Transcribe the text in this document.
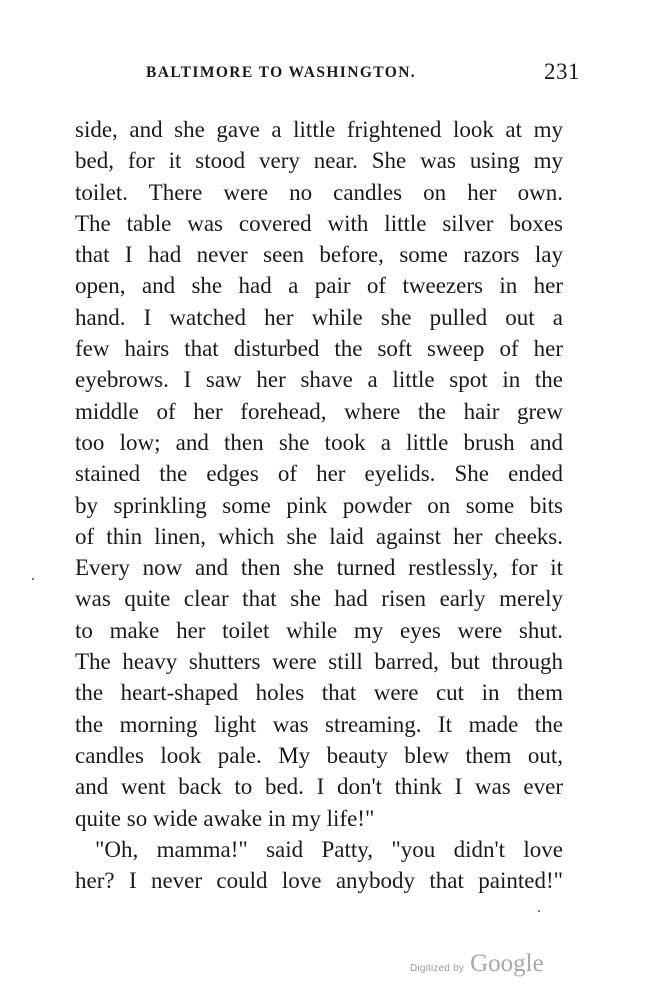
BALTIMORE TO WASHINGTON.	231
side, and she gave a little frightened look at my
bed, for it stood very near. She was using my
toilet. There were no candles on her own.
The table was covered with little silver boxes
that I had never seen before, some razors lay
open, and she had a pair of tweezers in her
hand. I watched her while she pulled out a
few hairs that disturbed the soft sweep of her
eyebrows. I saw her shave a little spot in the
middle of her forehead, where the hair grew
too low; and then she took a little brush and
stained the edges of her eyelids. She ended
by sprinkling some pink powder on some bits
of thin linen, which she laid against her cheeks.
Every now and then she turned restlessly, for it
was quite clear that she had risen early merely
to make her toilet while my eyes were shut.
The heavy shutters were still barred, but through
the heart-shaped holes that were cut in them
the morning light was streaming. It made the
candles look pale. My beauty blew them out,
and went back to bed. I don't think I was ever
quite so wide awake in my life!"
"Oh, mamma!" said Patty, "you didn't love
her? I never could love anybody that painted!"
Digitized by Google
